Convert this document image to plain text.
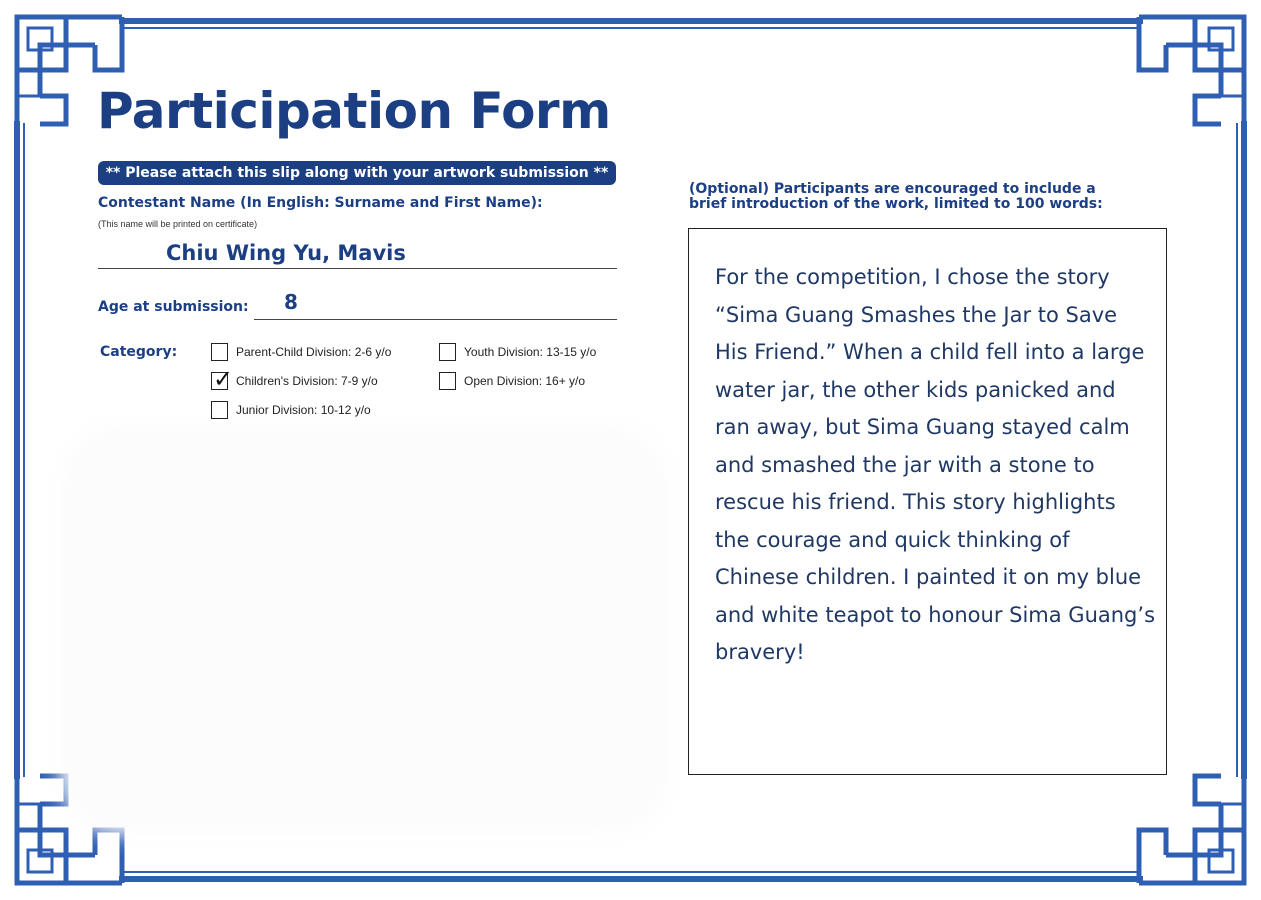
Participation Form
** Please attach this slip along with your artwork submission **
Contestant Name (In English: Surname and First Name):
(This name will be printed on certificate)
Chiu Wing Yu, Mavis
Age at submission: 8
Category:	Parent-Child Division: 2-6 y/o
✓ Children's Division: 7-9 y/o
Junior Division: 10-12 y/o
Youth Division: 13-15 y/o
Open Division: 16+ y/o
(Optional) Participants are encouraged to include a
brief introduction of the work, limited to 100 words:

For the competition, I chose the story “Sima Guang Smashes the Jar to Save His Friend.” When a child fell into a large water jar, the other kids panicked and ran away, but Sima Guang stayed calm and smashed the jar with a stone to rescue his friend. This story highlights the courage and quick thinking of Chinese children. I painted it on my blue and white teapot to honour Sima Guang’s bravery!
